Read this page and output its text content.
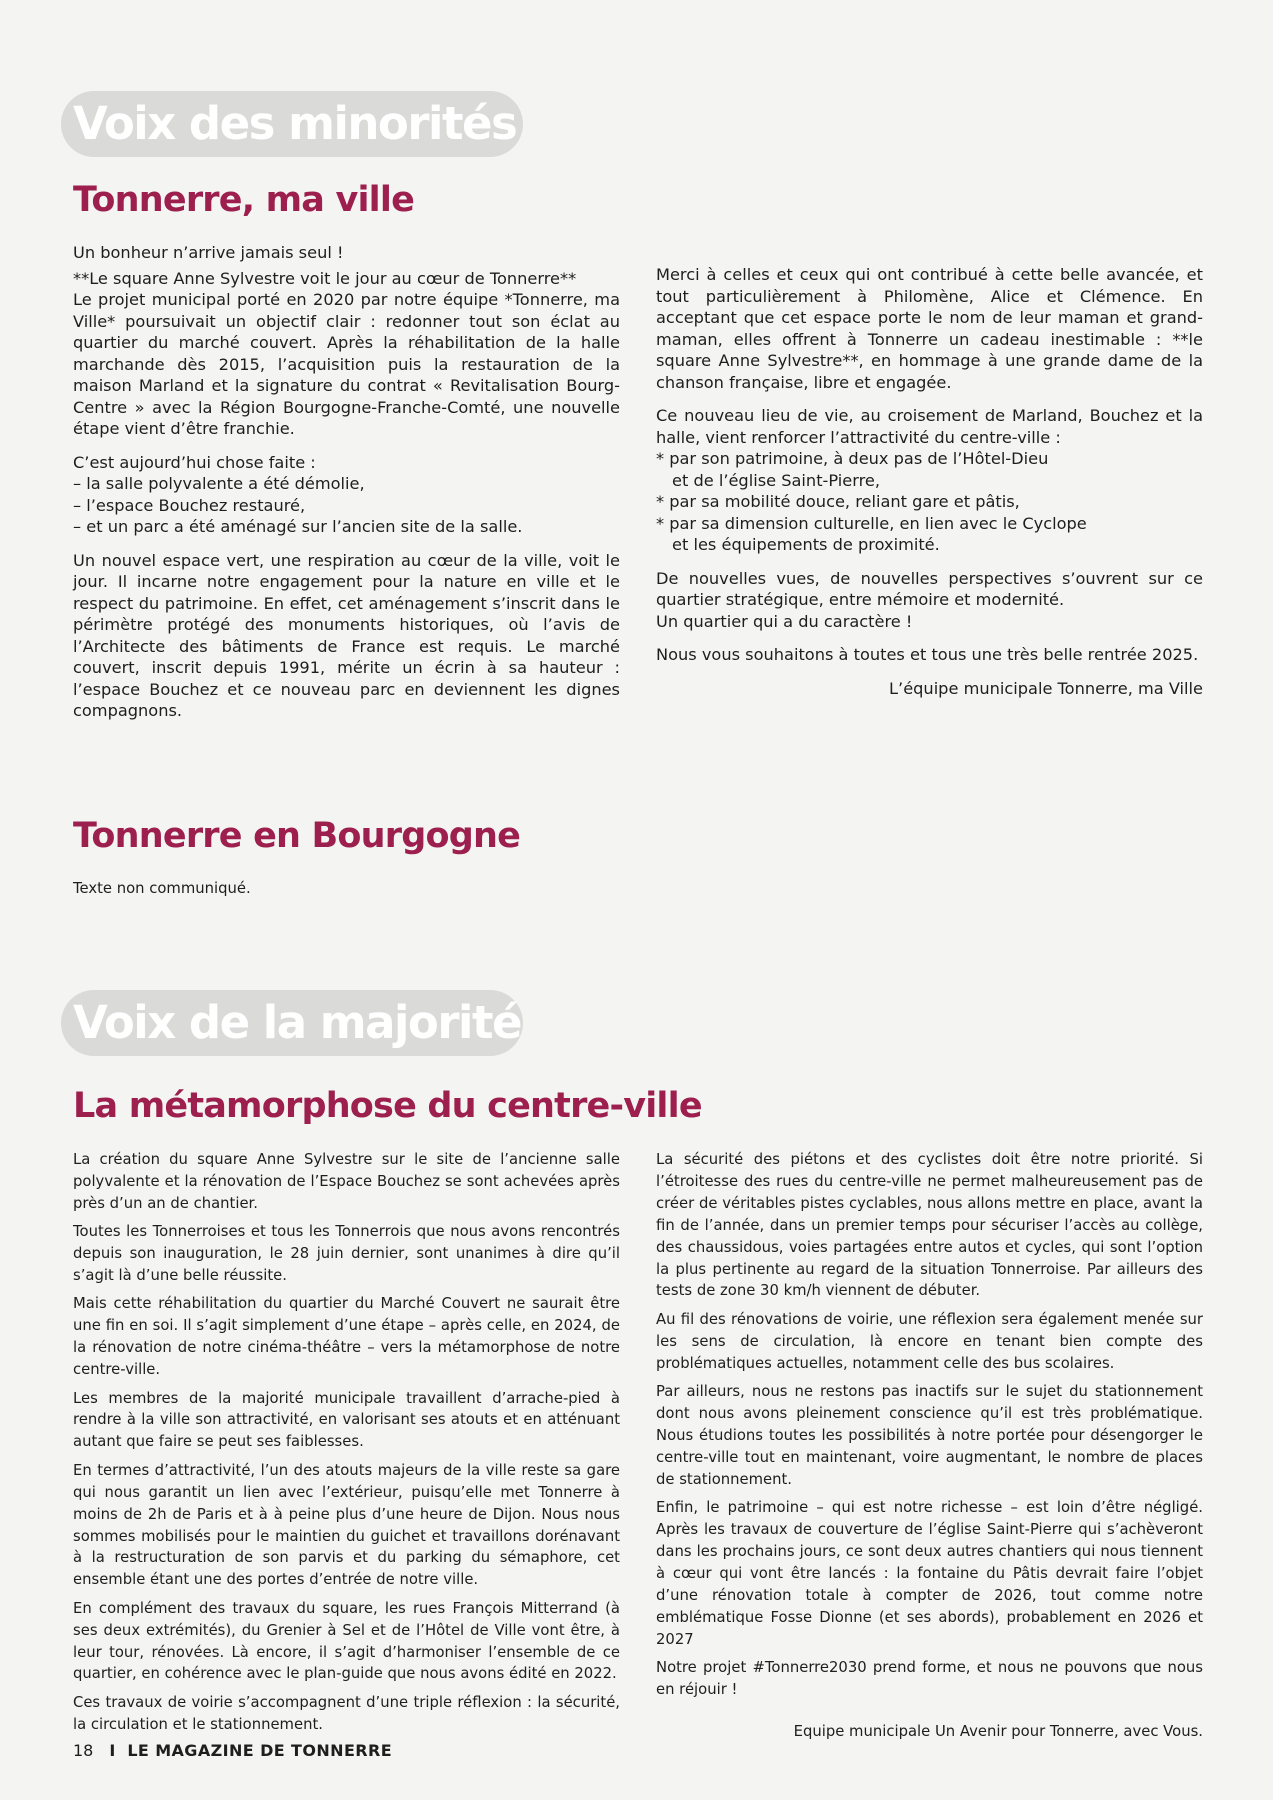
Voix des minorités
Tonnerre, ma ville

Un bonheur n’arrive jamais seul !

**Le square Anne Sylvestre voit le jour au cœur de Tonnerre**
Le projet municipal porté en 2020 par notre équipe *Tonnerre, ma Ville* poursuivait un objectif clair : redonner tout son éclat au quartier du marché couvert. Après la réhabilitation de la halle marchande dès 2015, l’acquisition puis la restauration de la maison Marland et la signature du contrat « Revitalisation Bourg-Centre » avec la Région Bourgogne-Franche-Comté, une nouvelle étape vient d’être franchie.

C’est aujourd’hui chose faite :
– la salle polyvalente a été démolie,
– l’espace Bouchez restauré,
– et un parc a été aménagé sur l’ancien site de la salle.

Un nouvel espace vert, une respiration au cœur de la ville, voit le jour. Il incarne notre engagement pour la nature en ville et le respect du patrimoine. En effet, cet aménagement s’inscrit dans le périmètre protégé des monuments historiques, où l’avis de l’Architecte des bâtiments de France est requis. Le marché couvert, inscrit depuis 1991, mérite un écrin à sa hauteur : l’espace Bouchez et ce nouveau parc en deviennent les dignes compagnons.

Merci à celles et ceux qui ont contribué à cette belle avancée, et tout particulièrement à Philomène, Alice et Clémence. En acceptant que cet espace porte le nom de leur maman et grand-maman, elles offrent à Tonnerre un cadeau inestimable : **le square Anne Sylvestre**, en hommage à une grande dame de la chanson française, libre et engagée.

Ce nouveau lieu de vie, au croisement de Marland, Bouchez et la halle, vient renforcer l’attractivité du centre-ville :
* par son patrimoine, à deux pas de l’Hôtel-Dieu
et de l’église Saint-Pierre,
* par sa mobilité douce, reliant gare et pâtis,
* par sa dimension culturelle, en lien avec le Cyclope
et les équipements de proximité.

De nouvelles vues, de nouvelles perspectives s’ouvrent sur ce quartier stratégique, entre mémoire et modernité.
Un quartier qui a du caractère !

Nous vous souhaitons à toutes et tous une très belle rentrée 2025.

L’équipe municipale Tonnerre, ma Ville

Tonnerre en Bourgogne

Texte non communiqué.

Voix de la majorité
La métamorphose du centre-ville

La création du square Anne Sylvestre sur le site de l’ancienne salle polyvalente et la rénovation de l’Espace Bouchez se sont achevées après près d’un an de chantier.

Toutes les Tonnerroises et tous les Tonnerrois que nous avons rencontrés depuis son inauguration, le 28 juin dernier, sont unanimes à dire qu’il s’agit là d’une belle réussite.

Mais cette réhabilitation du quartier du Marché Couvert ne saurait être une fin en soi. Il s’agit simplement d’une étape – après celle, en 2024, de la rénovation de notre cinéma-théâtre – vers la métamorphose de notre centre-ville.

Les membres de la majorité municipale travaillent d’arrache-pied à rendre à la ville son attractivité, en valorisant ses atouts et en atténuant autant que faire se peut ses faiblesses.

En termes d’attractivité, l’un des atouts majeurs de la ville reste sa gare qui nous garantit un lien avec l’extérieur, puisqu’elle met Tonnerre à moins de 2h de Paris et à à peine plus d’une heure de Dijon. Nous nous sommes mobilisés pour le maintien du guichet et travaillons dorénavant à la restructuration de son parvis et du parking du sémaphore, cet ensemble étant une des portes d’entrée de notre ville.

En complément des travaux du square, les rues François Mitterrand (à ses deux extrémités), du Grenier à Sel et de l’Hôtel de Ville vont être, à leur tour, rénovées. Là encore, il s’agit d’harmoniser l’ensemble de ce quartier, en cohérence avec le plan-guide que nous avons édité en 2022.

Ces travaux de voirie s’accompagnent d’une triple réflexion : la sécurité, la circulation et le stationnement.

La sécurité des piétons et des cyclistes doit être notre priorité. Si l’étroitesse des rues du centre-ville ne permet malheureusement pas de créer de véritables pistes cyclables, nous allons mettre en place, avant la fin de l’année, dans un premier temps pour sécuriser l’accès au collège, des chaussidous, voies partagées entre autos et cycles, qui sont l’option la plus pertinente au regard de la situation Tonnerroise. Par ailleurs des tests de zone 30 km/h viennent de débuter.

Au fil des rénovations de voirie, une réflexion sera également menée sur les sens de circulation, là encore en tenant bien compte des problématiques actuelles, notamment celle des bus scolaires.

Par ailleurs, nous ne restons pas inactifs sur le sujet du stationnement dont nous avons pleinement conscience qu’il est très problématique. Nous étudions toutes les possibilités à notre portée pour désengorger le centre-ville tout en maintenant, voire augmentant, le nombre de places de stationnement.

Enfin, le patrimoine – qui est notre richesse – est loin d’être négligé. Après les travaux de couverture de l’église Saint-Pierre qui s’achèveront dans les prochains jours, ce sont deux autres chantiers qui nous tiennent à cœur qui vont être lancés : la fontaine du Pâtis devrait faire l’objet d’une rénovation totale à compter de 2026, tout comme notre emblématique Fosse Dionne (et ses abords), probablement en 2026 et 2027

Notre projet #Tonnerre2030 prend forme, et nous ne pouvons que nous en réjouir !

Equipe municipale Un Avenir pour Tonnerre, avec Vous.

18 I LE MAGAZINE DE TONNERRE
